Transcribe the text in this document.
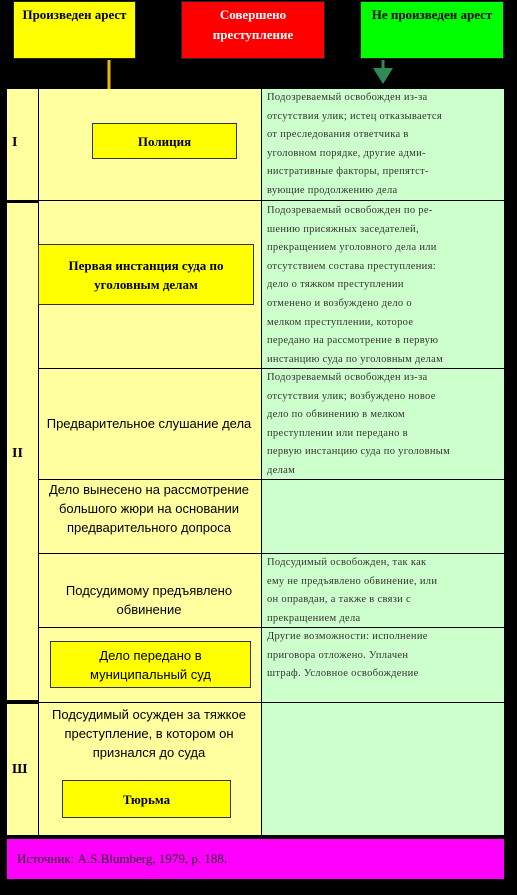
Произведен арест	Совершено преступление
Не произведен арест
I
II
Ш
Полиция
Подозреваемый освобожден из-за
отсутствия улик; истец отказывается
от преследования ответчика в
уголовном порядке, другие адми-
нистративные факторы, препятст-
вующие продолжению дела
Первая инстанция суда по уголовным делам
Подозреваемый освобожден по ре-
шению присяжных заседателей,
прекращением уголовного дела или
отсутствием состава преступления:
дело о тяжком преступлении
отменено и возбуждено дело о
мелком преступлении, которое
передано на рассмотрение в первую
инстанцию суда по уголовным делам
Предварительное слушание дела
Подозреваемый освобожден из-за
отсутствия улик; возбуждено новое
дело по обвинению в мелком
преступлении или передано в
первую инстанцию суда по уголовным
делам
Дело вынесено на рассмотрение большого жюри на основании предварительного допроса
Подсудимому предъявлено обвинение
Подсудимый освобожден, так как
ему не предъявлено обвинение, или
он оправдан, а также в связи с
прекращением дела
Дело передано в муниципальный суд
Другие возможности: исполнение
приговора отложено. Уплачен
штраф. Условное освобождение
Подсудимый осужден за тяжкое преступление, в котором он признался до суда
Тюрьма
Источник: A.S.Blumberg, 1979, p. 188.
